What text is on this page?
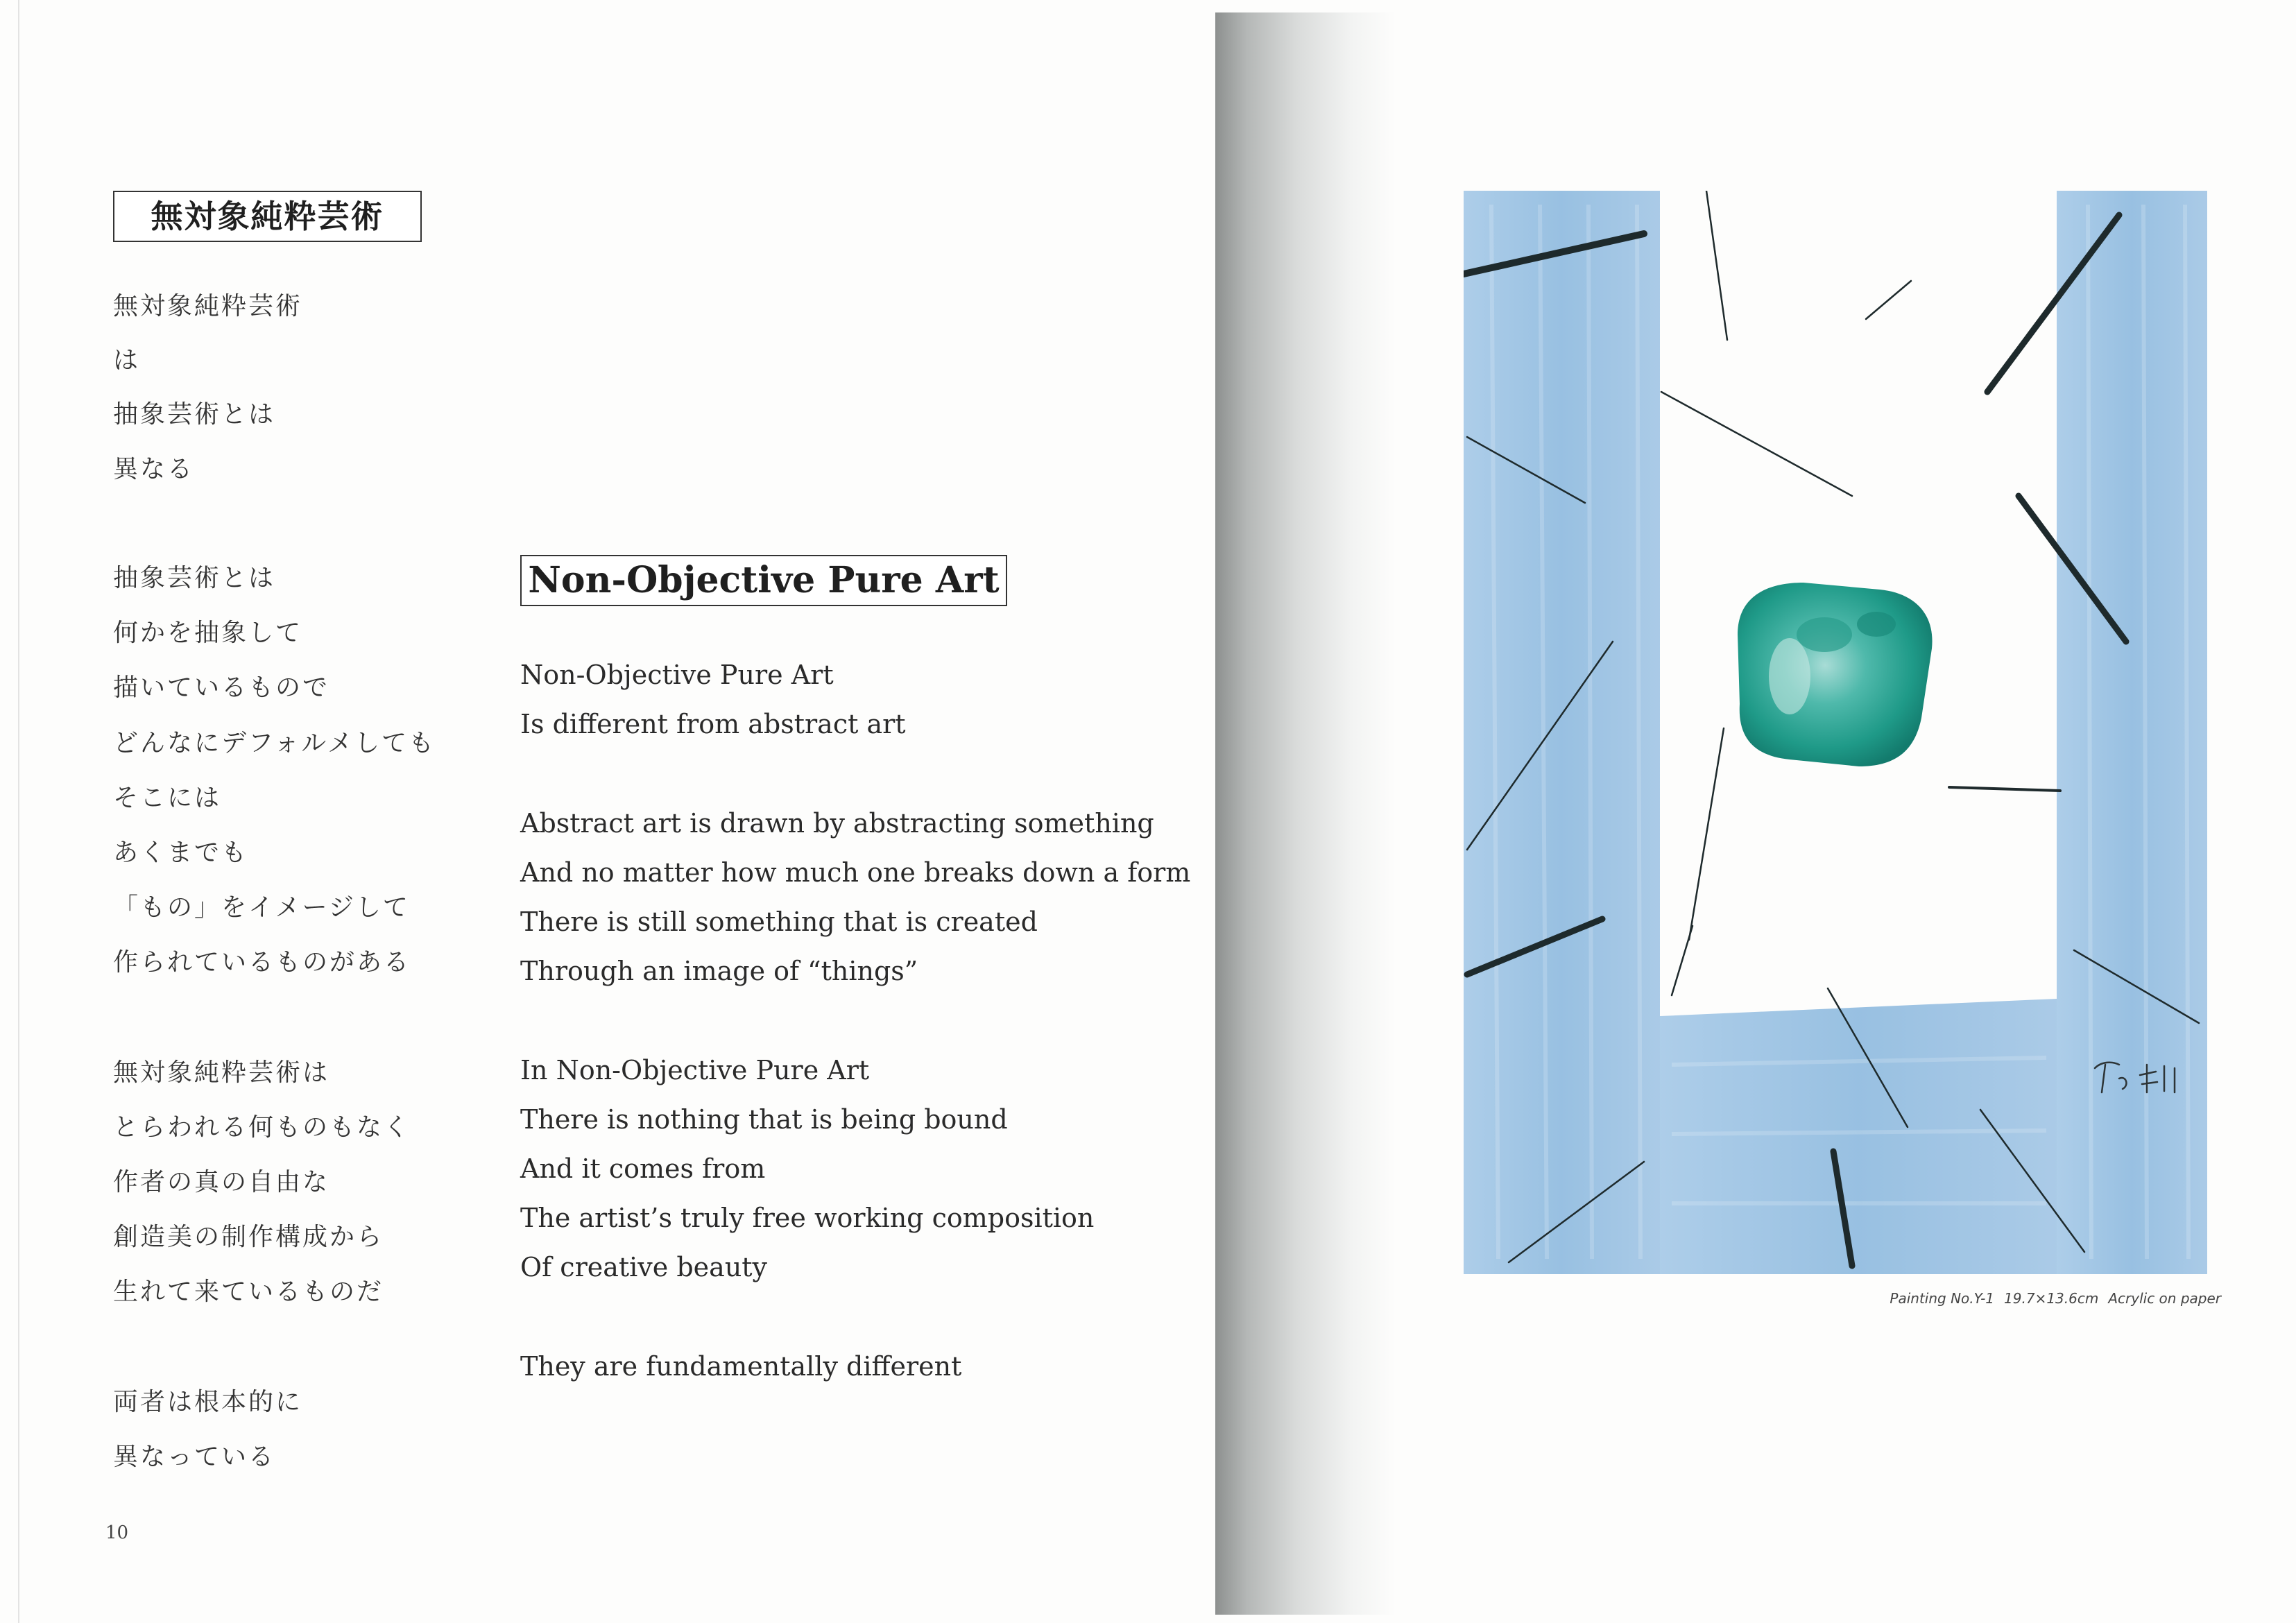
無対象純粋芸術
無対象純粋芸術
は
抽象芸術とは
異なる
抽象芸術とは
何かを抽象して
描いているもので
どんなにデフォルメしても
そこには
あくまでも
「もの」をイメージして
作られているものがある
無対象純粋芸術は
とらわれる何ものもなく
作者の真の自由な
創造美の制作構成から
生れて来ているものだ
両者は根本的に
異なっている
Non-Objective Pure Art
Non-Objective Pure Art
Is different from abstract art
Abstract art is drawn by abstracting something
And no matter how much one breaks down a form
There is still something that is created
Through an image of “things”
In Non-Objective Pure Art
There is nothing that is being bound
And it comes from
The artist’s truly free working composition
Of creative beauty
They are fundamentally different
10
Painting No.Y-1 19.7×13.6cm Acrylic on paper
